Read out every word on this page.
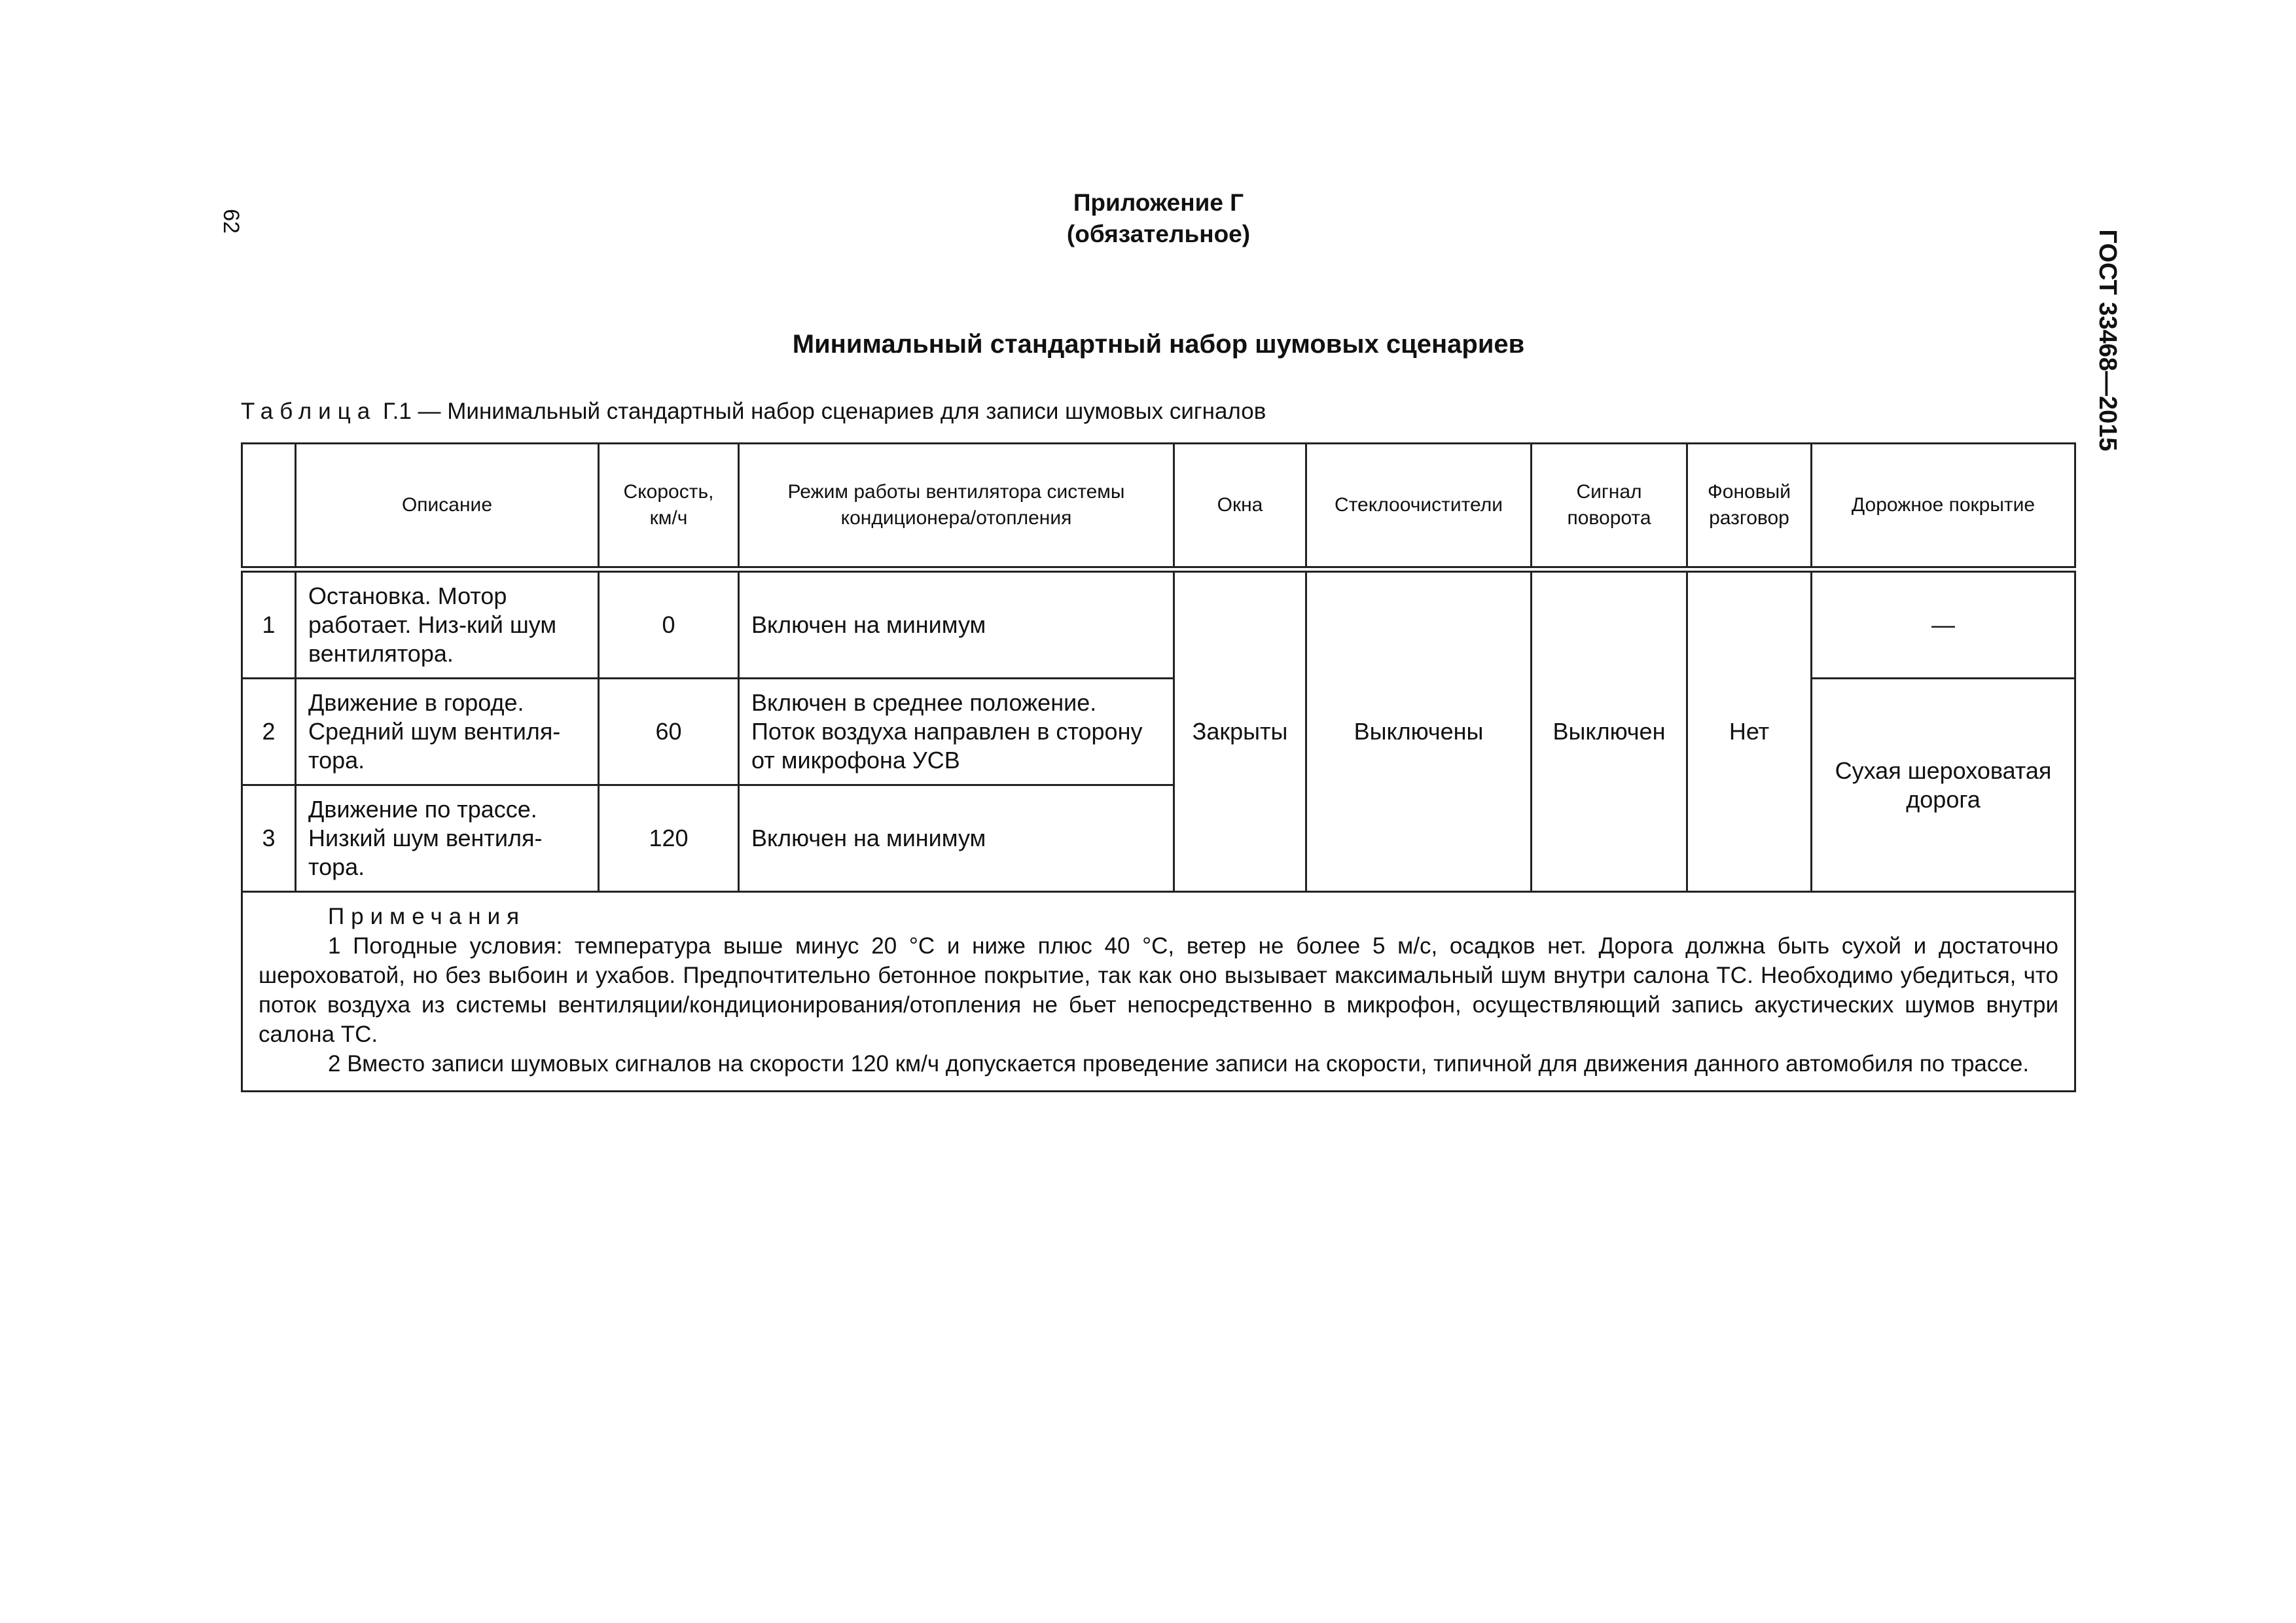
62
ГОСТ 33468—2015
Приложение Г
(обязательное)
Минимальный стандартный набор шумовых сценариев
Таблица Г.1 — Минимальный стандартный набор сценариев для записи шумовых сигналов
	Описание	Скорость, км/ч	Режим работы вентилятора системы кондиционера/отопления	Окна	Стеклоочистители	Сигнал поворота	Фоновый разговор	Дорожное покрытие
1	Остановка. Мотор работает. Низ-кий шум вентилятора.	0	Включен на минимум	Закрыты	Выключены	Выключен	Нет	—
2	Движение в городе. Средний шум вентиля-тора.	60	Включен в среднее положение. Поток воздуха направлен в сторону от микрофона УСВ					Сухая шероховатая дорога
3	Движение по трассе. Низкий шум вентиля-тора.	120	Включен на минимум					

Примечания
1 Погодные условия: температура выше минус 20 °С и ниже плюс 40 °С, ветер не более 5 м/с, осадков нет. Дорога должна быть сухой и достаточно шероховатой, но без выбоин и ухабов. Предпочтительно бетонное покрытие, так как оно вызывает максимальный шум внутри салона ТС. Необходимо убедиться, что поток воздуха из системы вентиляции/кондиционирования/отопления не бьет непосредственно в микрофон, осуществляющий запись акустических шумов внутри салона ТС.
2 Вместо записи шумовых сигналов на скорости 120 км/ч допускается проведение записи на скорости, типичной для движения данного автомобиля по трассе.								
